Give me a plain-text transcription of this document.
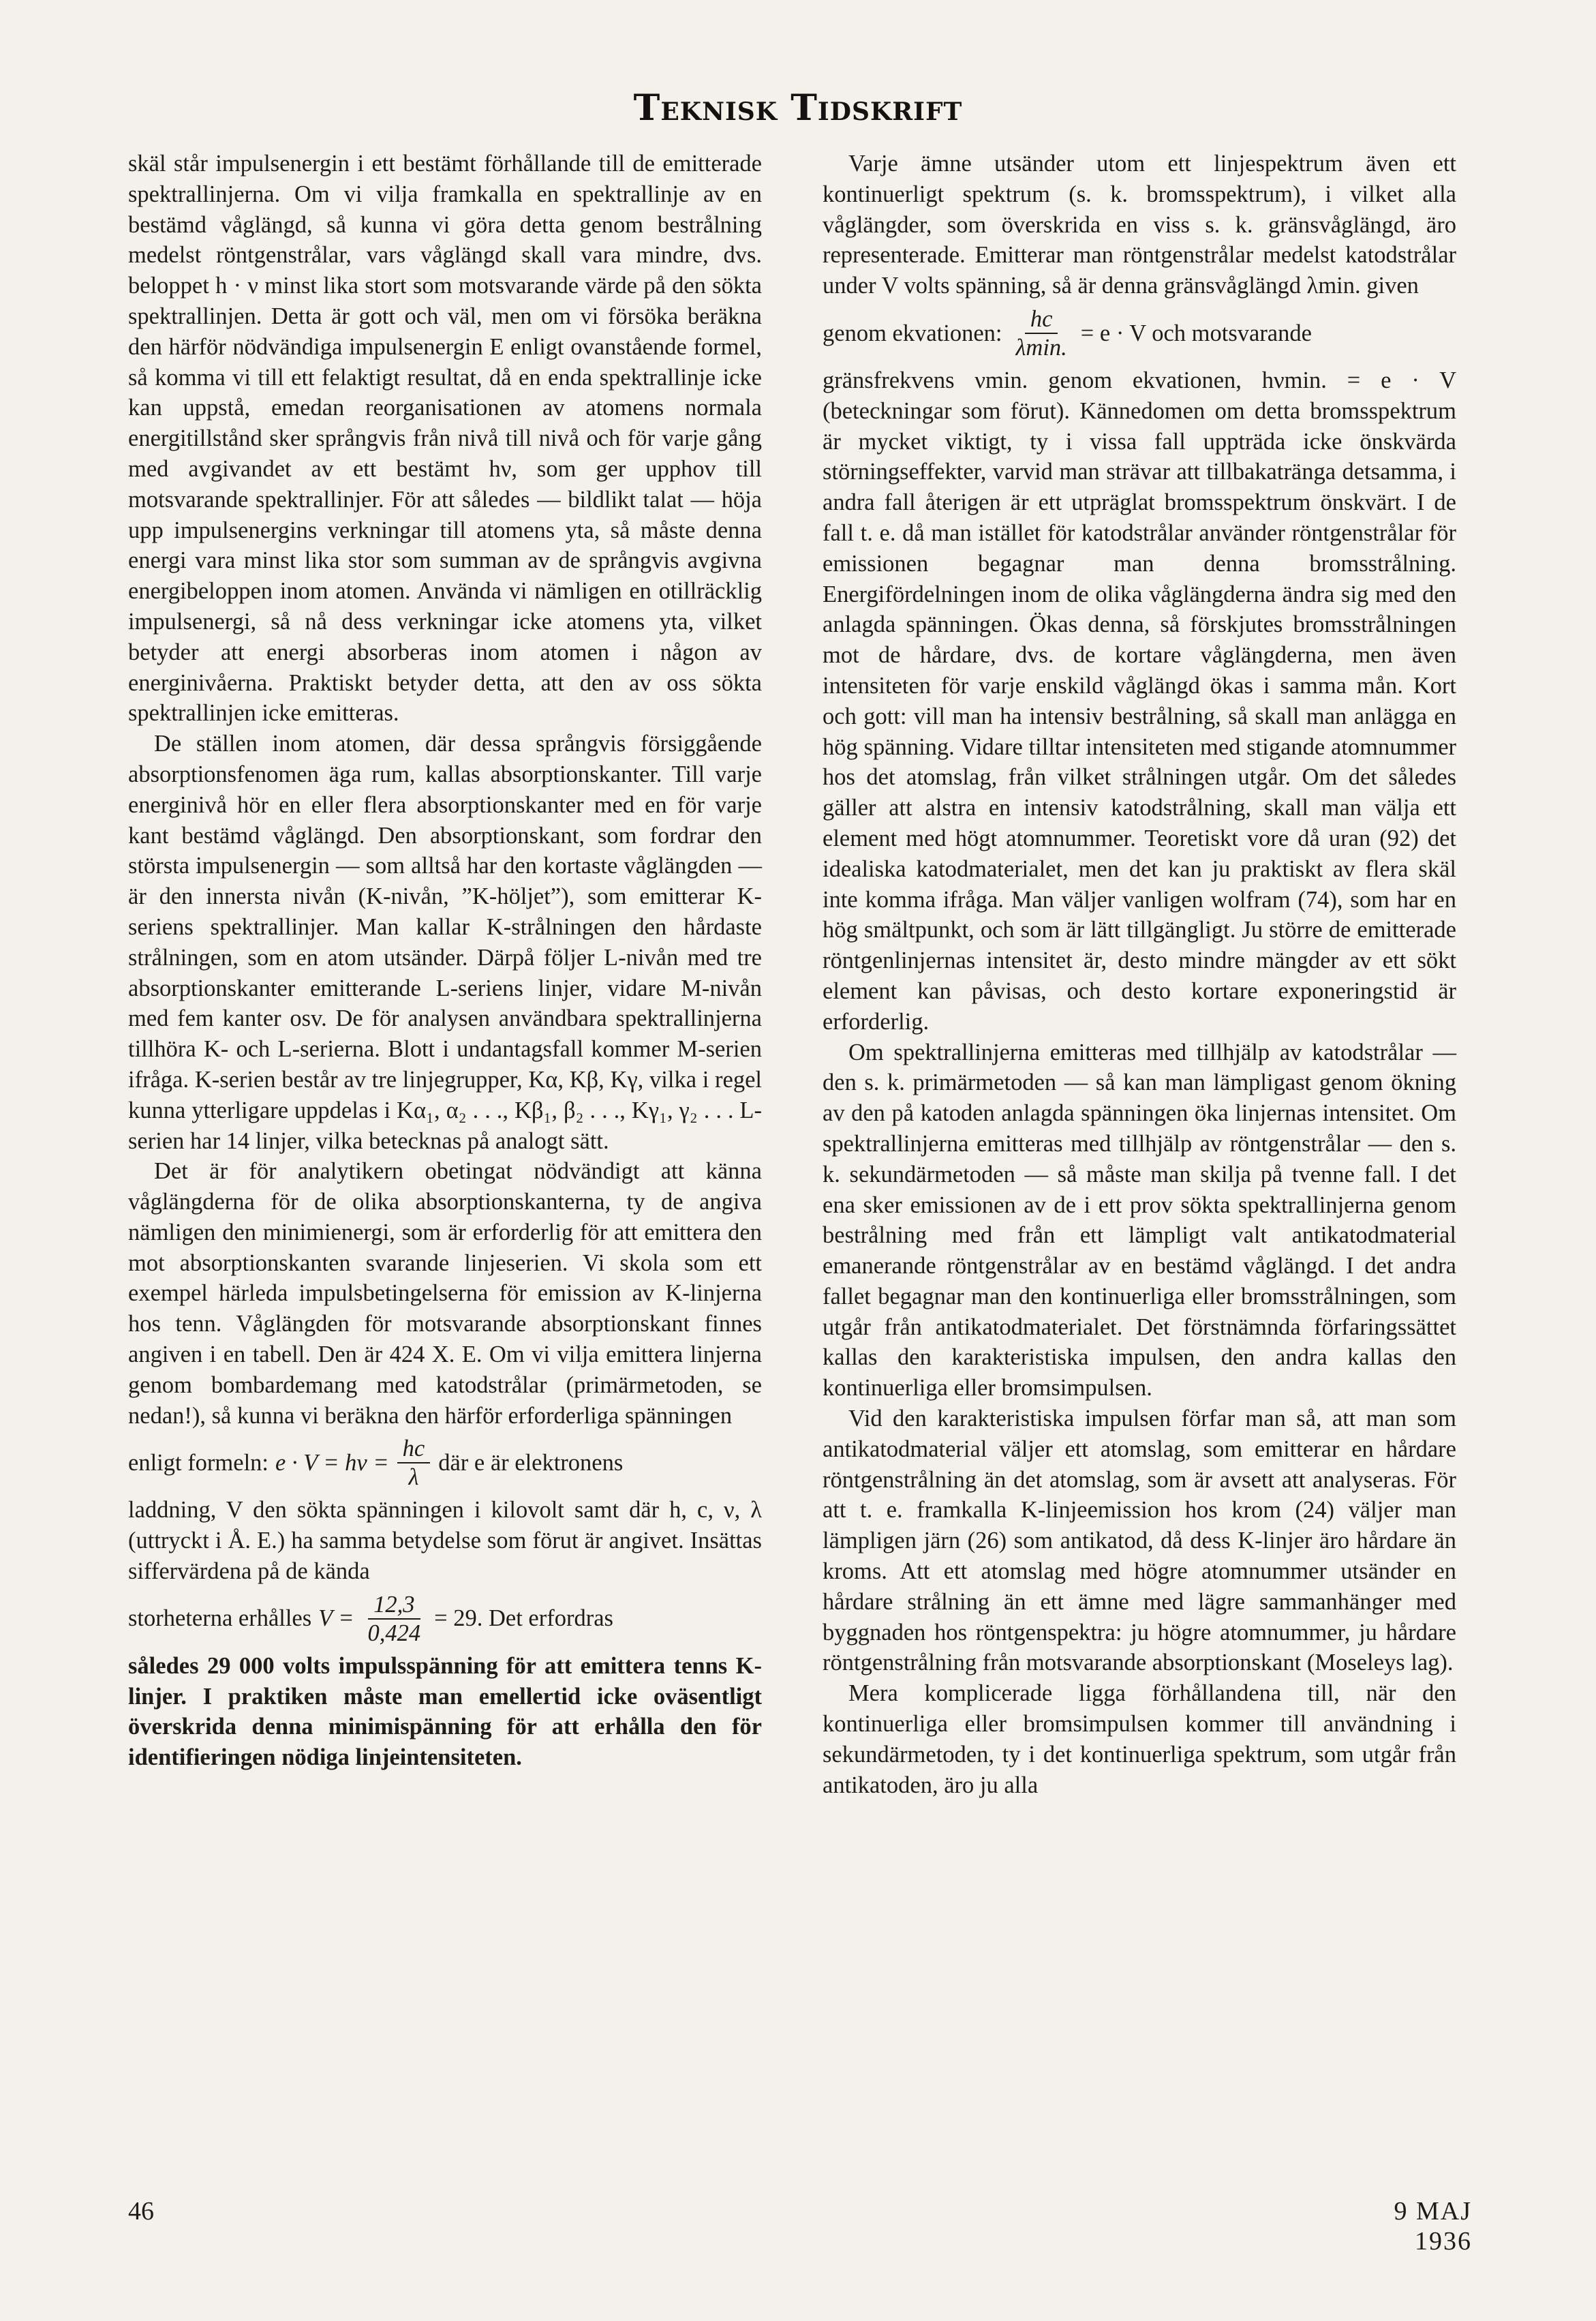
Teknisk Tidskrift

skäl står impulsenergin i ett bestämt förhållande till de emitterade spektrallinjerna. Om vi vilja framkalla en spektrallinje av en bestämd våglängd, så kunna vi göra detta genom bestrålning medelst röntgenstrålar, vars våglängd skall vara mindre, dvs. beloppet h · ν minst lika stort som motsvarande värde på den sökta spektrallinjen. Detta är gott och väl, men om vi försöka beräkna den härför nödvändiga impulsenergin E enligt ovanstående formel, så komma vi till ett felaktigt resultat, då en enda spektrallinje icke kan uppstå, emedan reorganisationen av atomens normala energitillstånd sker språngvis från nivå till nivå och för varje gång med avgivandet av ett bestämt hν, som ger upphov till motsvarande spektrallinjer. För att således — bildlikt talat — höja upp impulsenergins verkningar till atomens yta, så måste denna energi vara minst lika stor som summan av de språngvis avgivna energibeloppen inom atomen. Använda vi nämligen en otillräcklig impulsenergi, så nå dess verkningar icke atomens yta, vilket betyder att energi absorberas inom atomen i någon av energinivåerna. Praktiskt betyder detta, att den av oss sökta spektrallinjen icke emitteras.

De ställen inom atomen, där dessa språngvis försiggående absorptionsfenomen äga rum, kallas absorptionskanter. Till varje energinivå hör en eller flera absorptionskanter med en för varje kant bestämd våglängd. Den absorptionskant, som fordrar den största impulsenergin — som alltså har den kortaste våglängden — är den innersta nivån (K-nivån, ”K-höljet”), som emitterar K-seriens spektrallinjer. Man kallar K-strålningen den hårdaste strålningen, som en atom utsänder. Därpå följer L-nivån med tre absorptionskanter emitterande L-seriens linjer, vidare M-nivån med fem kanter osv. De för analysen användbara spektrallinjerna tillhöra K- och L-serierna. Blott i undantagsfall kommer M-serien ifråga. K-serien består av tre linjegrupper, Kα, Kβ, Kγ, vilka i regel kunna ytterligare uppdelas i Kα₁, α₂ . . ., Kβ₁, β₂ . . ., Kγ₁, γ₂ . . . L-serien har 14 linjer, vilka betecknas på analogt sätt.

Det är för analytikern obetingat nödvändigt att känna våglängderna för de olika absorptionskanterna, ty de angiva nämligen den minimienergi, som är erforderlig för att emittera den mot absorptionskanten svarande linjeserien. Vi skola som ett exempel härleda impulsbetingelserna för emission av K-linjerna hos tenn. Våglängden för motsvarande absorptionskant finnes angiven i en tabell. Den är 424 X. E. Om vi vilja emittera linjerna genom bombardemang med katodstrålar (primärmetoden, se nedan!), så kunna vi beräkna den härför erforderliga spänningen

enligt formeln: $e \cdot V = h\nu = \frac{hc}{\lambda}$ där e är elektronens

laddning, V den sökta spänningen i kilovolt samt där h, c, ν, λ (uttryckt i Å. E.) ha samma betydelse som förut är angivet. Insättas siffervärdena på de kända

storheterna erhålles $V = \frac{12,3}{0,424} = 29$. Det erfordras

således 29 000 volts impulsspänning för att emittera tenns K-linjer. I praktiken måste man emellertid icke oväsentligt överskrida denna minimispänning för att erhålla den för identifieringen nödiga linjeintensiteten.

Varje ämne utsänder utom ett linjespektrum även ett kontinuerligt spektrum (s. k. bromsspektrum), i vilket alla våglängder, som överskrida en viss s. k. gränsvåglängd, äro representerade. Emitterar man röntgenstrålar medelst katodstrålar under V volts spänning, så är denna gränsvåglängd λmin. given

genom ekvationen: $\frac{hc}{\lambda\min.} = e \cdot V$ och motsvarande

gränsfrekvens νmin. genom ekvationen, hνmin. = e · V (beteckningar som förut). Kännedomen om detta bromsspektrum är mycket viktigt, ty i vissa fall uppträda icke önskvärda störningseffekter, varvid man strävar att tillbakatränga detsamma, i andra fall återigen är ett utpräglat bromsspektrum önskvärt. I de fall t. e. då man istället för katodstrålar använder röntgenstrålar för emissionen begagnar man denna bromsstrålning. Energifördelningen inom de olika våglängderna ändra sig med den anlagda spänningen. Ökas denna, så förskjutes bromsstrålningen mot de hårdare, dvs. de kortare våglängderna, men även intensiteten för varje enskild våglängd ökas i samma mån. Kort och gott: vill man ha intensiv bestrålning, så skall man anlägga en hög spänning. Vidare tilltar intensiteten med stigande atomnummer hos det atomslag, från vilket strålningen utgår. Om det således gäller att alstra en intensiv katodstrålning, skall man välja ett element med högt atomnummer. Teoretiskt vore då uran (92) det idealiska katodmaterialet, men det kan ju praktiskt av flera skäl inte komma ifråga. Man väljer vanligen wolfram (74), som har en hög smältpunkt, och som är lätt tillgängligt. Ju större de emitterade röntgenlinjernas intensitet är, desto mindre mängder av ett sökt element kan påvisas, och desto kortare exponeringstid är erforderlig.

Om spektrallinjerna emitteras med tillhjälp av katodstrålar — den s. k. primärmetoden — så kan man lämpligast genom ökning av den på katoden anlagda spänningen öka linjernas intensitet. Om spektrallinjerna emitteras med tillhjälp av röntgenstrålar — den s. k. sekundärmetoden — så måste man skilja på tvenne fall. I det ena sker emissionen av de i ett prov sökta spektrallinjerna genom bestrålning med från ett lämpligt valt antikatodmaterial emanerande röntgenstrålar av en bestämd våglängd. I det andra fallet begagnar man den kontinuerliga eller bromsstrålningen, som utgår från antikatodmaterialet. Det förstnämnda förfaringssättet kallas den karakteristiska impulsen, den andra kallas den kontinuerliga eller bromsimpulsen.

Vid den karakteristiska impulsen förfar man så, att man som antikatodmaterial väljer ett atomslag, som emitterar en hårdare röntgenstrålning än det atomslag, som är avsett att analyseras. För att t. e. framkalla K-linjeemission hos krom (24) väljer man lämpligen järn (26) som antikatod, då dess K-linjer äro hårdare än kroms. Att ett atomslag med högre atomnummer utsänder en hårdare strålning än ett ämne med lägre sammanhänger med byggnaden hos röntgenspektra: ju högre atomnummer, ju hårdare röntgenstrålning från motsvarande absorptionskant (Moseleys lag).

Mera komplicerade ligga förhållandena till, när den kontinuerliga eller bromsimpulsen kommer till användning i sekundärmetoden, ty i det kontinuerliga spektrum, som utgår från antikatoden, äro ju alla

46	9 MAJ 1936
